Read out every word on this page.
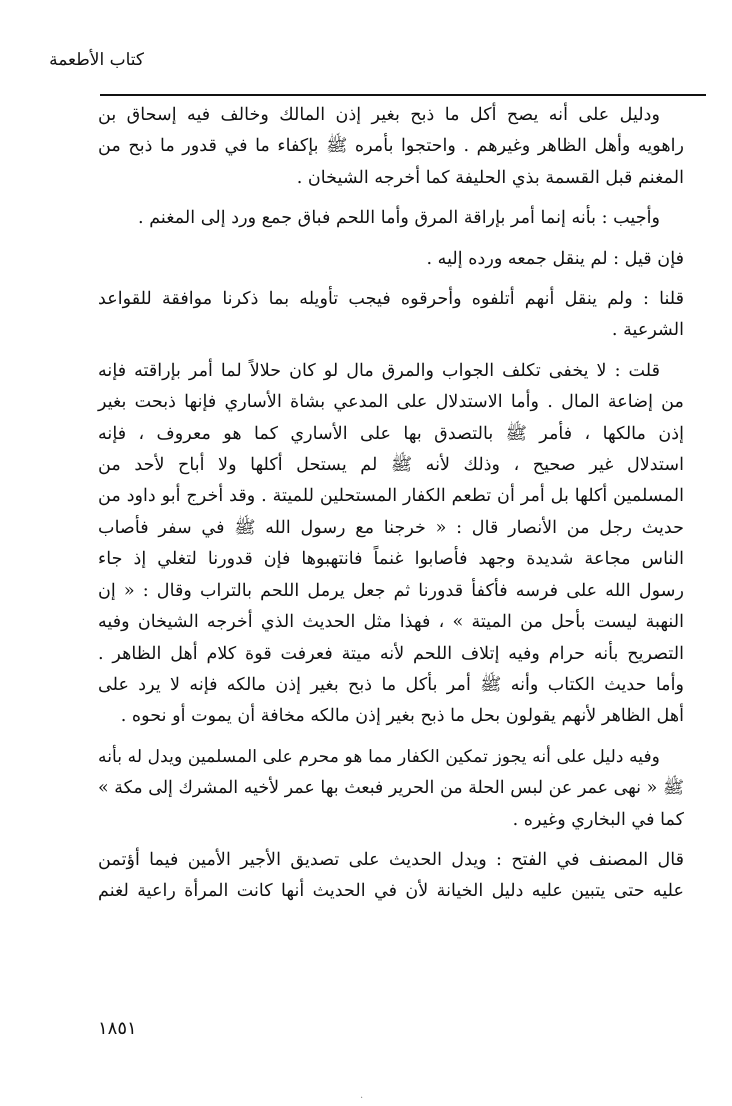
كتاب الأطعمة
ودليل على أنه يصح أكل ما ذبح بغير إذن المالك وخالف فيه إسحاق بن
راهويه وأهل الظاهر وغيرهم . واحتجوا بأمره ﷺ بإكفاء ما في قدور ما ذبح من
المغنم قبل القسمة بذي الحليفة كما أخرجه الشيخان .
وأجيب : بأنه إنما أمر بإراقة المرق وأما اللحم فباق جمع ورد إلى المغنم .
فإن قيل : لم ينقل جمعه ورده إليه .
قلنا : ولم ينقل أنهم أتلفوه وأحرقوه فيجب تأويله بما ذكرنا موافقة للقواعد
الشرعية .
قلت : لا يخفى تكلف الجواب والمرق مال لو كان حلالاً لما أمر بإراقته فإنه
من إضاعة المال . وأما الاستدلال على المدعي بشاة الأساري فإنها ذبحت بغير
إذن مالكها ، فأمر ﷺ بالتصدق بها على الأساري كما هو معروف ، فإنه
استدلال غير صحيح ، وذلك لأنه ﷺ لم يستحل أكلها ولا أباح لأحد من
المسلمين أكلها بل أمر أن تطعم الكفار المستحلين للميتة . وقد أخرج أبو داود من
حديث رجل من الأنصار قال : « خرجنا مع رسول الله ﷺ في سفر فأصاب
الناس مجاعة شديدة وجهد فأصابوا غنماً فانتهبوها فإن قدورنا لتغلي إذ جاء
رسول الله على فرسه فأكفأ قدورنا ثم جعل يرمل اللحم بالتراب وقال : « إن
النهبة ليست بأحل من الميتة » ، فهذا مثل الحديث الذي أخرجه الشيخان وفيه
التصريح بأنه حرام وفيه إتلاف اللحم لأنه ميتة فعرفت قوة كلام أهل الظاهر .
وأما حديث الكتاب وأنه ﷺ أمر بأكل ما ذبح بغير إذن مالكه فإنه لا يرد على
أهل الظاهر لأنهم يقولون بحل ما ذبح بغير إذن مالكه مخافة أن يموت أو نحوه .
وفيه دليل على أنه يجوز تمكين الكفار مما هو محرم على المسلمين ويدل له بأنه
ﷺ « نهى عمر عن لبس الحلة من الحرير فبعث بها عمر لأخيه المشرك إلى مكة »
كما في البخاري وغيره .
قال المصنف في الفتح : ويدل الحديث على تصديق الأجير الأمين فيما أؤتمن
عليه حتى يتبين عليه دليل الخيانة لأن في الحديث أنها كانت المرأة راعية لغنم
١٨٥١
.
